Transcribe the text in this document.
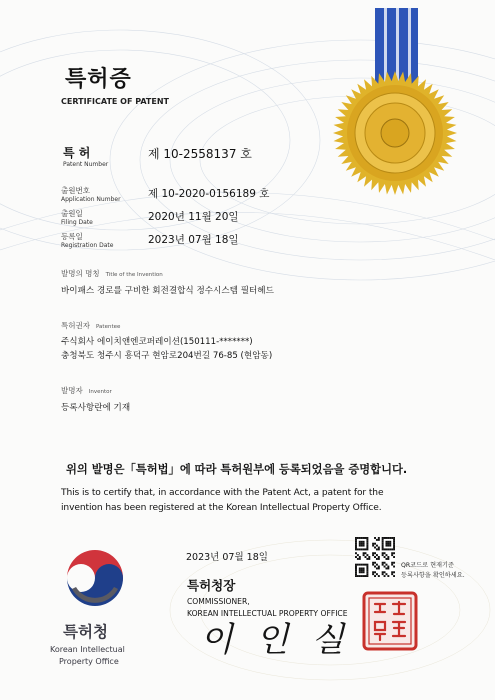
특허증
CERTIFICATE OF PATENT
특 허
Patent Number
제 10-2558137 호
출원번호
Application Number	제 10-2020-0156189 호
출원일
Filing Date	2020년 11월 20일
등록일
Registration Date	2023년 07월 18일
발명의 명칭 Title of the Invention
바이패스 경로를 구비한 회전결합식 정수시스템 필터헤드
특허권자 Patentee
주식회사 에이치앤엔코퍼레이션(150111-*******)
충청북도 청주시 흥덕구 현암로204번길 76-85 (현암동)
발명자 Inventor
등록사항란에 기재
위의 발명은「특허법」에 따라 특허원부에 등록되었음을 증명합니다.
This is to certify that, in accordance with the Patent Act, a patent for the
invention has been registered at the Korean Intellectual Property Office.
2023년 07월 18일
QR코드로 현재기준
등록사항을 확인하세요.
특허청장
COMMISSIONER,
KOREAN INTELLECTUAL PROPERTY OFFICE
이 인 실
특허청
Korean Intellectual
Property Office
